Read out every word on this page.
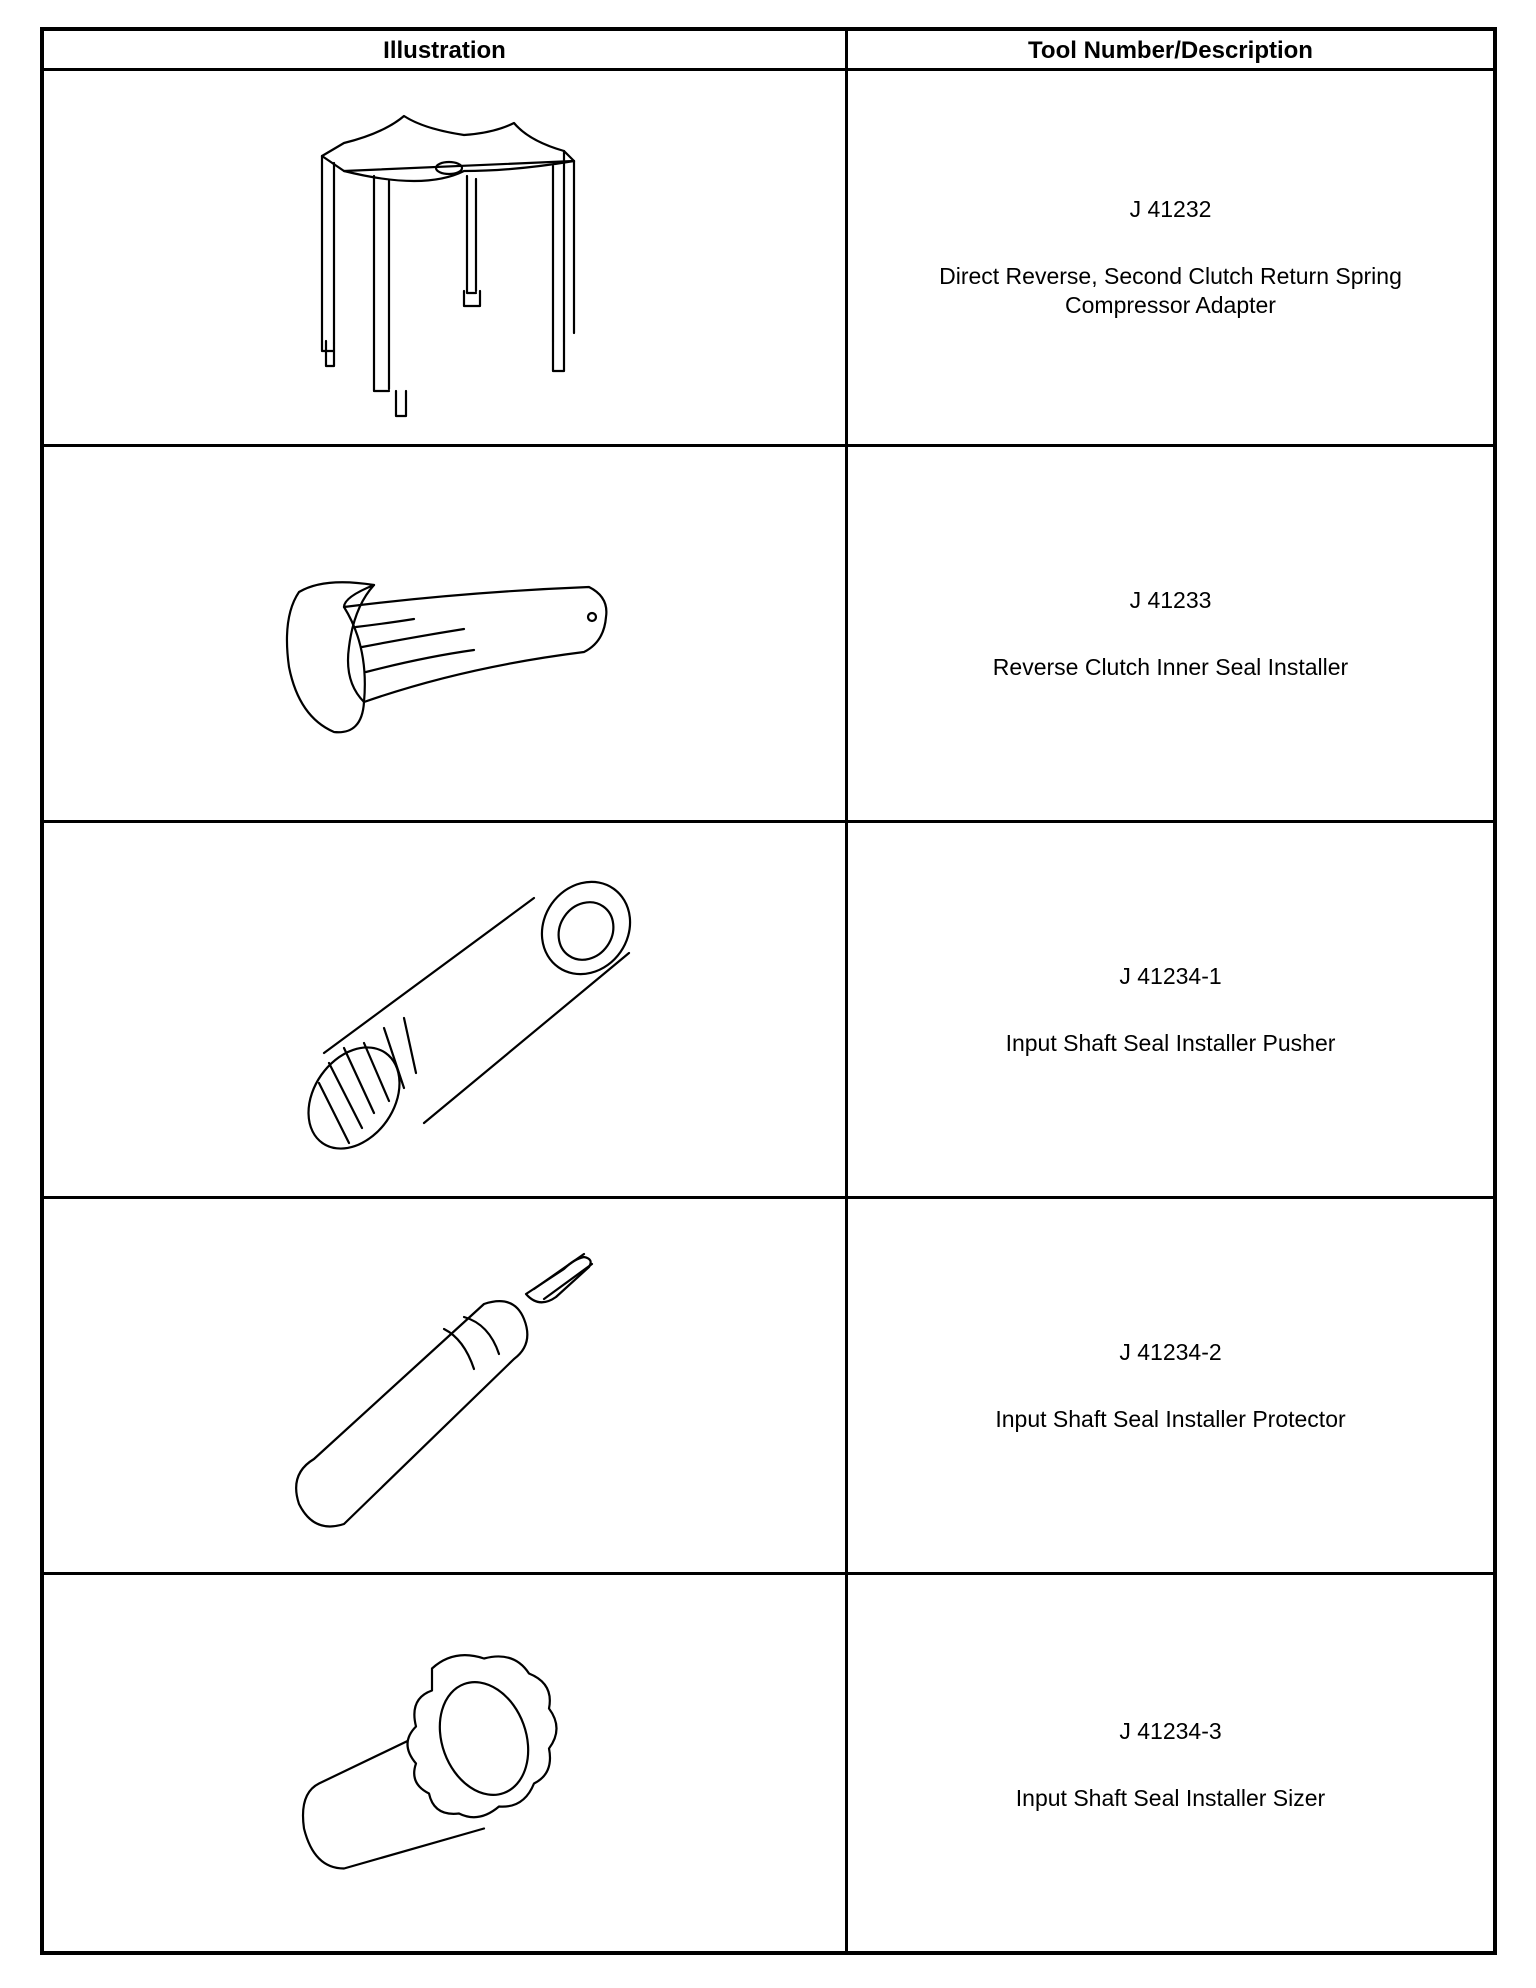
Illustration	Tool Number/Description
J 41232
Direct Reverse, Second Clutch Return Spring Compressor Adapter
J 41233
Reverse Clutch Inner Seal Installer
J 41234-1
Input Shaft Seal Installer Pusher
J 41234-2
Input Shaft Seal Installer Protector
J 41234-3
Input Shaft Seal Installer Sizer
